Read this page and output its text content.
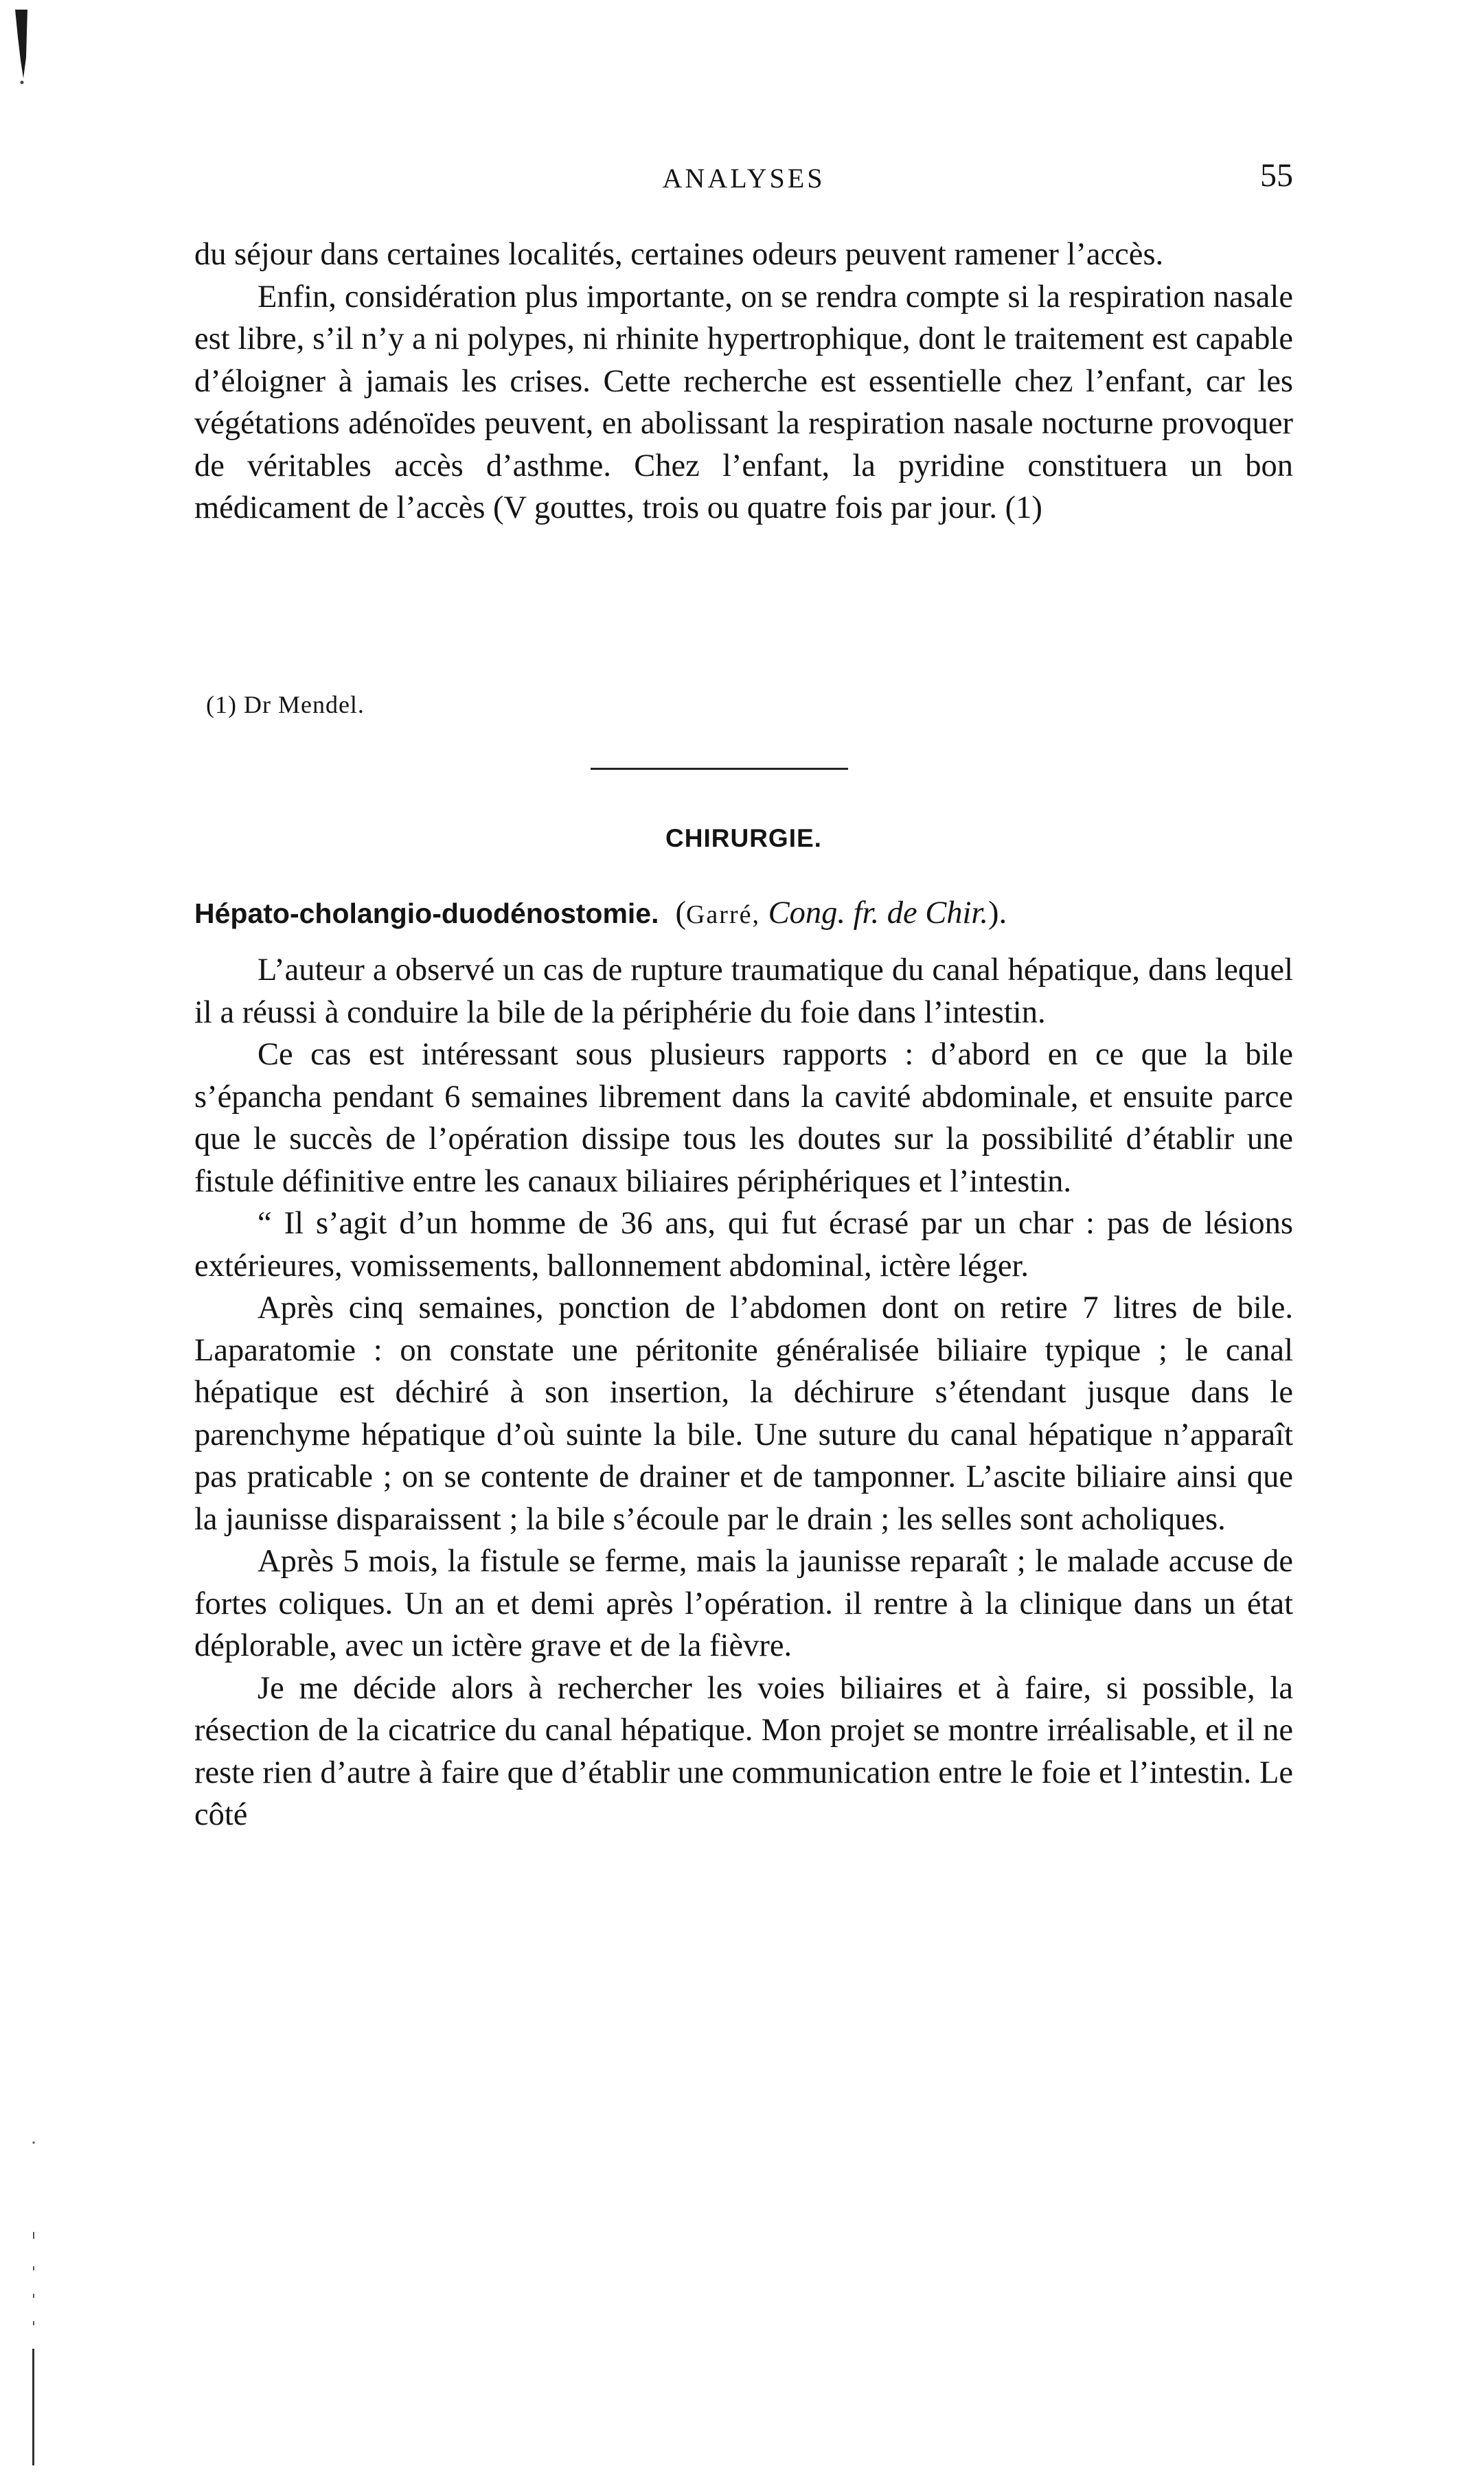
ANALYSES	55

du séjour dans certaines localités, certaines odeurs peuvent ramener l’accès.

Enfin, considération plus importante, on se rendra compte si la respiration nasale est libre, s’il n’y a ni polypes, ni rhinite hypertrophique, dont le traitement est capable d’éloigner à jamais les crises. Cette recherche est essentielle chez l’enfant, car les végétations adénoïdes peuvent, en abolissant la respiration nasale nocturne provoquer de véritables accès d’asthme. Chez l’enfant, la pyridine constituera un bon médicament de l’accès (V gouttes, trois ou quatre fois par jour. (1)

(1) Dr Mendel.
CHIRURGIE.
Hépato-cholangio-duodénostomie. (Garré, Cong. fr. de Chir.).

L’auteur a observé un cas de rupture traumatique du canal hépatique, dans lequel il a réussi à conduire la bile de la périphérie du foie dans l’intestin.

Ce cas est intéressant sous plusieurs rapports : d’abord en ce que la bile s’épancha pendant 6 semaines librement dans la cavité abdominale, et ensuite parce que le succès de l’opération dissipe tous les doutes sur la possibilité d’établir une fistule définitive entre les canaux biliaires périphériques et l’intestin.

“ Il s’agit d’un homme de 36 ans, qui fut écrasé par un char : pas de lésions extérieures, vomissements, ballonnement abdominal, ictère léger.

Après cinq semaines, ponction de l’abdomen dont on retire 7 litres de bile. Laparatomie : on constate une péritonite généralisée biliaire typique ; le canal hépatique est déchiré à son insertion, la déchirure s’étendant jusque dans le parenchyme hépatique d’où suinte la bile. Une suture du canal hépatique n’apparaît pas praticable ; on se contente de drainer et de tamponner. L’ascite biliaire ainsi que la jaunisse disparaissent ; la bile s’écoule par le drain ; les selles sont acholiques.

Après 5 mois, la fistule se ferme, mais la jaunisse reparaît ; le malade accuse de fortes coliques. Un an et demi après l’opération. il rentre à la clinique dans un état déplorable, avec un ictère grave et de la fièvre.

Je me décide alors à rechercher les voies biliaires et à faire, si possible, la résection de la cicatrice du canal hépatique. Mon projet se montre irréalisable, et il ne reste rien d’autre à faire que d’établir une communication entre le foie et l’intestin. Le côté
